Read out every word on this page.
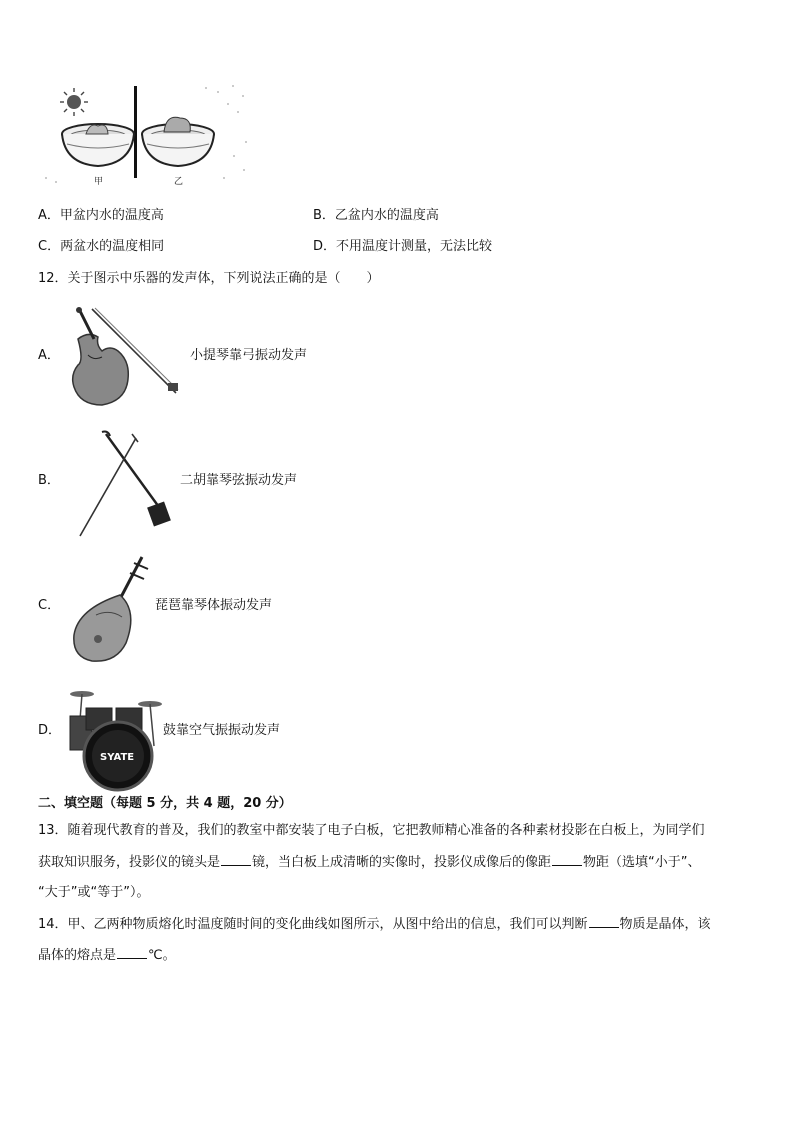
甲	乙
A．甲盆内水的温度高	B．乙盆内水的温度高
C．两盆水的温度相同	D．不用温度计测量，无法比较
12．关于图示中乐器的发声体，下列说法正确的是（　　）
A．	小提琴靠弓振动发声
B．	二胡靠琴弦振动发声
C．	琵琶靠琴体振动发声
D．
SYATE
鼓靠空气振振动发声
二、填空题（每题 5 分，共 4 题，20 分）
13．随着现代教育的普及，我们的教室中都安装了电子白板，它把教师精心准备的各种素材投影在白板上，为同学们
获取知识服务，投影仪的镜头是 镜，当白板上成清晰的实像时，投影仪成像后的像距 物距（选填“小于”、
“大于”或“等于”）。
14．甲、乙两种物质熔化时温度随时间的变化曲线如图所示，从图中给出的信息，我们可以判断 物质是晶体，该
晶体的熔点是 ℃。
